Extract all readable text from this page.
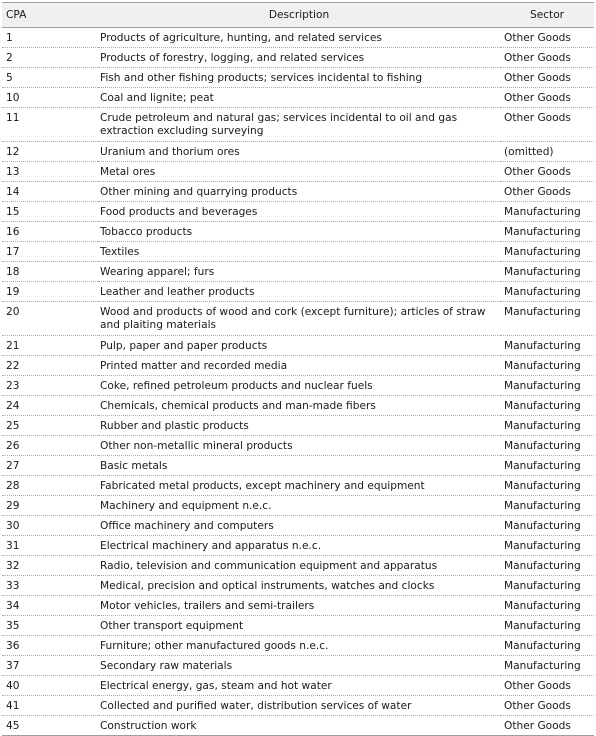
CPA	Description	Sector
1	Products of agriculture, hunting, and related services	Other Goods
2	Products of forestry, logging, and related services	Other Goods
5	Fish and other fishing products; services incidental to fishing	Other Goods
10	Coal and lignite; peat	Other Goods
11	Crude petroleum and natural gas; services incidental to oil and gas extraction excluding surveying	Other Goods
12	Uranium and thorium ores	(omitted)
13	Metal ores	Other Goods
14	Other mining and quarrying products	Other Goods
15	Food products and beverages	Manufacturing
16	Tobacco products	Manufacturing
17	Textiles	Manufacturing
18	Wearing apparel; furs	Manufacturing
19	Leather and leather products	Manufacturing
20	Wood and products of wood and cork (except furniture); articles of straw and plaiting materials	Manufacturing
21	Pulp, paper and paper products	Manufacturing
22	Printed matter and recorded media	Manufacturing
23	Coke, refined petroleum products and nuclear fuels	Manufacturing
24	Chemicals, chemical products and man-made fibers	Manufacturing
25	Rubber and plastic products	Manufacturing
26	Other non-metallic mineral products	Manufacturing
27	Basic metals	Manufacturing
28	Fabricated metal products, except machinery and equipment	Manufacturing
29	Machinery and equipment n.e.c.	Manufacturing
30	Office machinery and computers	Manufacturing
31	Electrical machinery and apparatus n.e.c.	Manufacturing
32	Radio, television and communication equipment and apparatus	Manufacturing
33	Medical, precision and optical instruments, watches and clocks	Manufacturing
34	Motor vehicles, trailers and semi-trailers	Manufacturing
35	Other transport equipment	Manufacturing
36	Furniture; other manufactured goods n.e.c.	Manufacturing
37	Secondary raw materials	Manufacturing
40	Electrical energy, gas, steam and hot water	Other Goods
41	Collected and purified water, distribution services of water	Other Goods
45	Construction work	Other Goods
